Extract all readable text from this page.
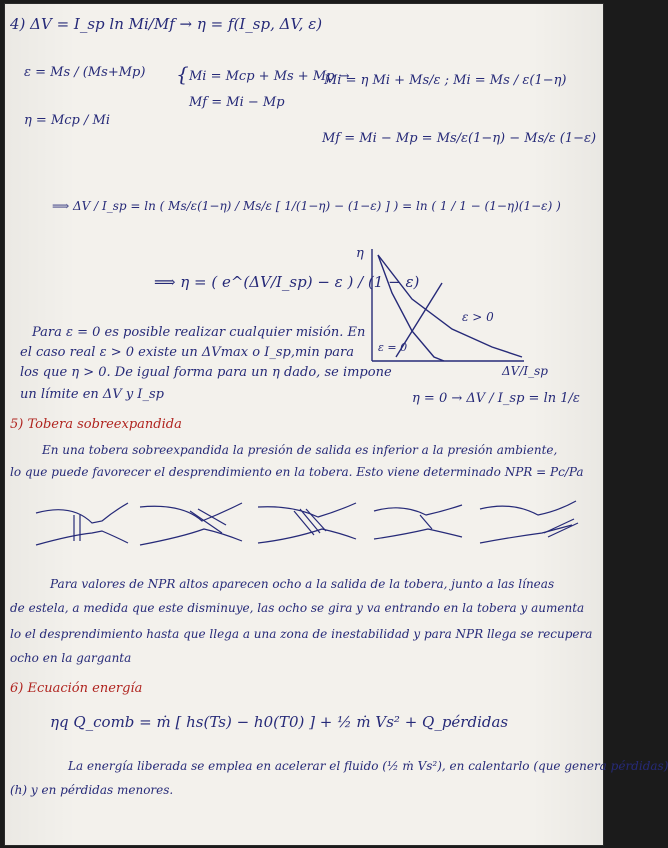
4) ΔV = I_sp ln Mi/Mf → η = f(I_sp, ΔV, ε)
ε = Ms / (Ms+Mp)
η = Mcp / Mi
{ Mi = Mcp + Ms + Mp →
Mf = Mi − Mp
Mi = η Mi + Ms/ε ; Mi = Ms / ε(1−η)
Mf = Mi − Mp = Ms/ε(1−η) − Ms/ε (1−ε)
⟹ ΔV / I_sp = ln ( Ms/ε(1−η) / Ms/ε [ 1/(1−η) − (1−ε) ] ) = ln ( 1 / 1 − (1−η)(1−ε) )
⟹ η = ( e^(ΔV/I_sp) − ε ) / (1 − ε)
Para ε = 0 es posible realizar cualquier misión. En
el caso real ε > 0 existe un ΔVmax o I_sp,min para
los que η > 0. De igual forma para un η dado, se impone
un límite en ΔV y I_sp
η
ΔV/I_sp
ε > 0
ε = 0
η = 0 → ΔV / I_sp = ln 1/ε
5) Tobera sobreexpandida
En una tobera sobreexpandida la presión de salida es inferior a la presión ambiente,
lo que puede favorecer el desprendimiento en la tobera. Esto viene determinado NPR = Pc/Pa
Para valores de NPR altos aparecen ocho a la salida de la tobera, junto a las líneas
de estela, a medida que este disminuye, las ocho se gira y va entrando en la tobera y aumenta
lo el desprendimiento hasta que llega a una zona de inestabilidad y para NPR llega se recupera
ocho en la garganta
6) Ecuación energía
ηq Q_comb = ṁ [ hs(Ts) − h0(T0) ] + ½ ṁ Vs² + Q_pérdidas
La energía liberada se emplea en acelerar el fluido (½ ṁ Vs²), en calentarlo (que genera pérdidas)
(h) y en pérdidas menores.
